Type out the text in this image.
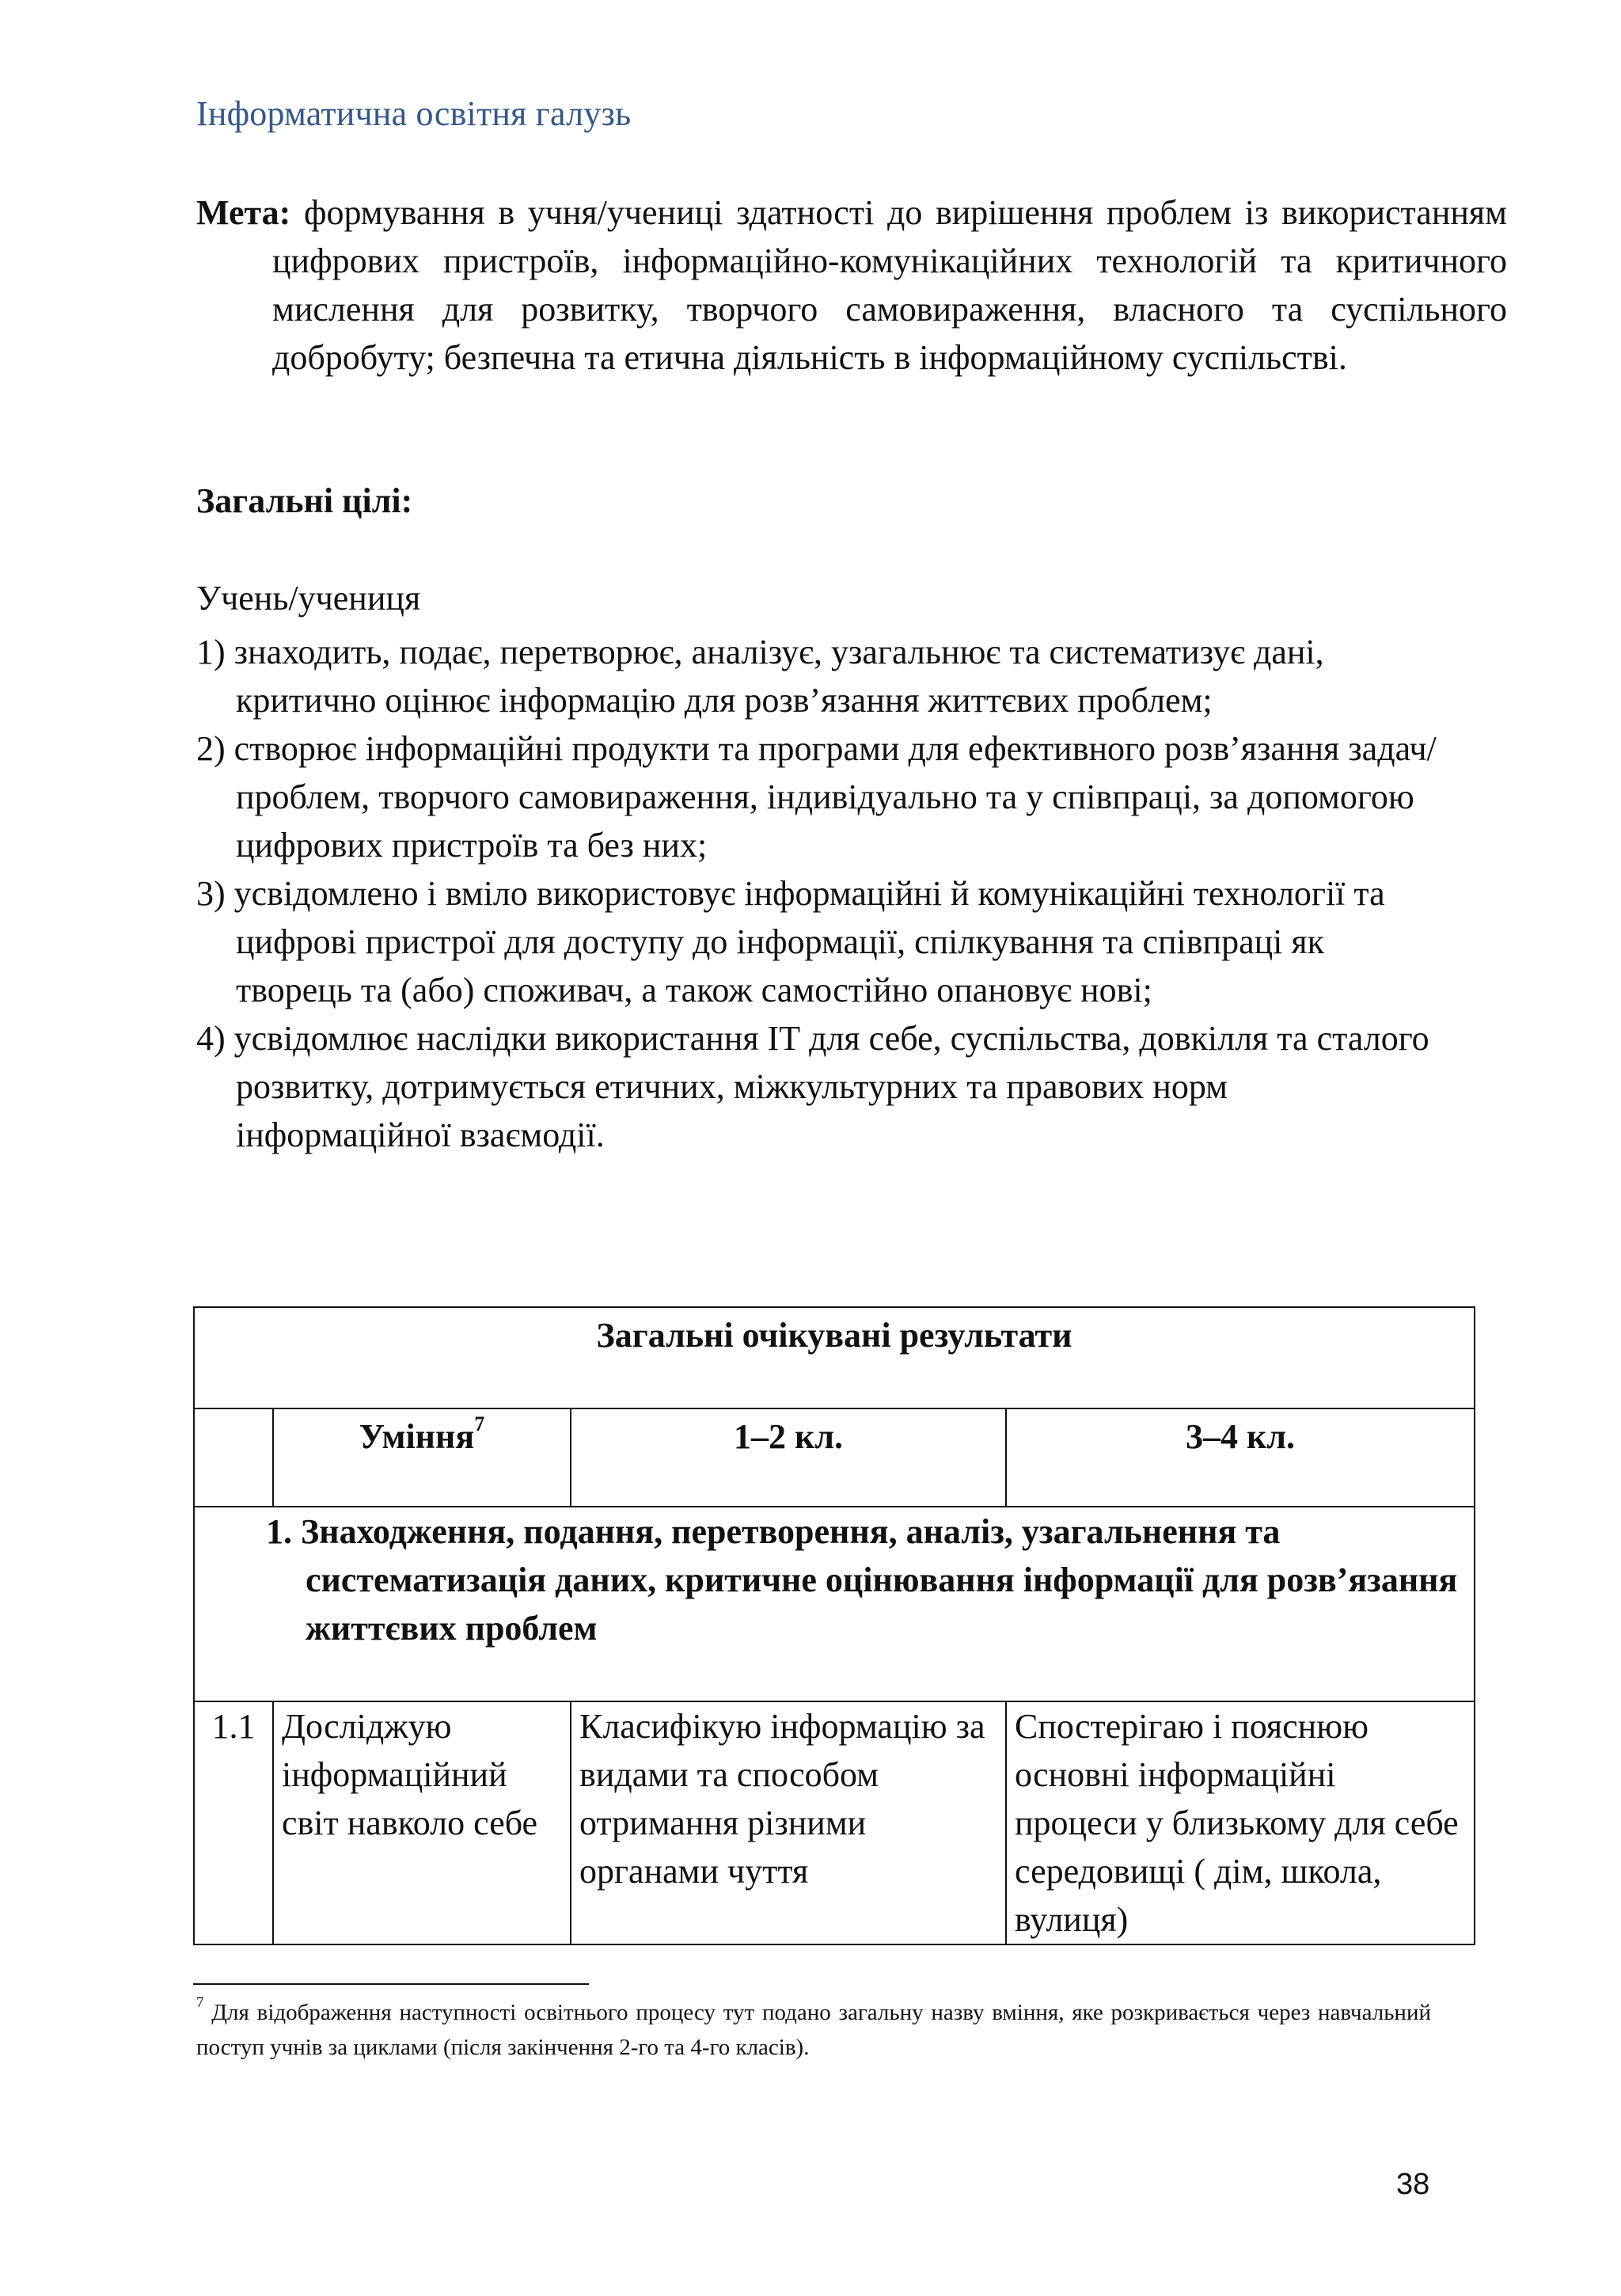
Інформатична освітня галузь
Мета: формування в учня/учениці здатності до вирішення проблем із використанням цифрових пристроїв, інформаційно-комунікаційних технологій та критичного мислення для розвитку, творчого самовираження, власного та суспільного добробуту; безпечна та етична діяльність в інформаційному суспільстві.
Загальні цілі:
Учень/учениця
1) знаходить, подає, перетворює, аналізує, узагальнює та систематизує дані, критично оцінює інформацію для розв’язання життєвих проблем;
2) створює інформаційні продукти та програми для ефективного розв’язання задач/ проблем, творчого самовираження, індивідуально та у співпраці, за допомогою цифрових пристроїв та без них;
3) усвідомлено і вміло використовує інформаційні й комунікаційні технології та цифрові пристрої для доступу до інформації, спілкування та співпраці як творець та (або) споживач, а також самостійно опановує нові;
4) усвідомлює наслідки використання ІТ для себе, суспільства, довкілля та сталого розвитку, дотримується етичних, міжкультурних та правових норм інформаційної взаємодії.
Загальні очікувані результати			
	Уміння$^7$	1–2 кл.	3–4 кл.

1. Знаходження, подання, перетворення, аналіз, узагальнення та систематизація даних, критичне оцінювання інформації для розв’язання життєвих проблем			

1.1	Досліджую інформаційний світ навколо себе	Класифікую інформацію за видами та способом отримання різними органами чуття	Спостерігаю і пояснюю основні інформаційні процеси у близькому для себе середовищі ( дім, школа, вулиця)
$^7$ Для відображення наступності освітнього процесу тут подано загальну назву вміння, яке розкривається через навчальний поступ учнів за циклами (після закінчення 2-го та 4-го класів).
38
